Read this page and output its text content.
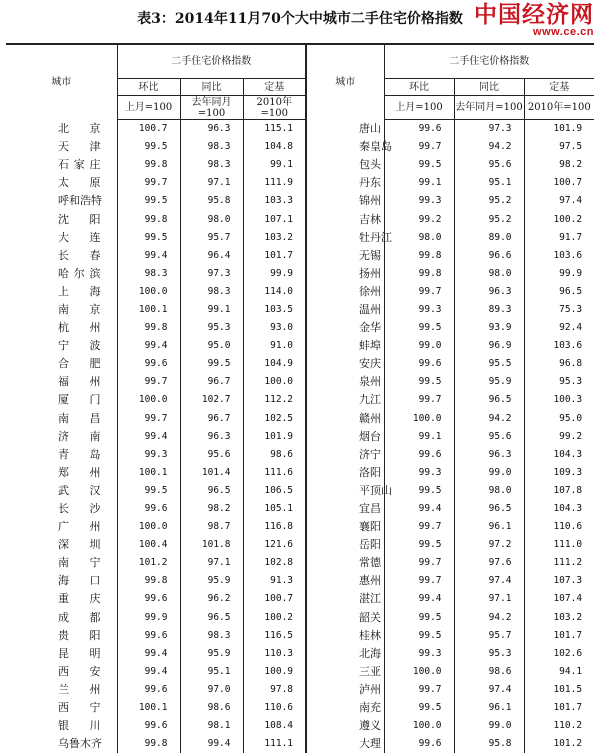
表3：2014年11月70个大中城市二手住宅价格指数 中国经济网
www.ce.cn
城市	二手住宅价格指数			城市	二手住宅价格指数		
	环比	同比	定基		环比	同比	定基
	上月=100	去年同月=100	2010年=100		上月=100	去年同月=100	2010年=100
北京	100.7	96.3	115.1	唐山	99.6	97.3	101.9
天津	99.5	98.3	104.8	秦皇岛	99.7	94.2	97.5
石家庄	99.8	98.3	99.1	包头	99.5	95.6	98.2
太原	99.7	97.1	111.9	丹东	99.1	95.1	100.7
呼和浩特	99.5	95.8	103.3	锦州	99.3	95.2	97.4
沈阳	99.8	98.0	107.1	吉林	99.2	95.2	100.2
大连	99.5	95.7	103.2	牡丹江	98.0	89.0	91.7
长春	99.4	96.4	101.7	无锡	99.8	96.6	103.6
哈尔滨	98.3	97.3	99.9	扬州	99.8	98.0	99.9
上海	100.0	98.3	114.0	徐州	99.7	96.3	96.5
南京	100.1	99.1	103.5	温州	99.3	89.3	75.3
杭州	99.8	95.3	93.0	金华	99.5	93.9	92.4
宁波	99.4	95.0	91.0	蚌埠	99.0	96.9	103.6
合肥	99.6	99.5	104.9	安庆	99.6	95.5	96.8
福州	99.7	96.7	100.0	泉州	99.5	95.9	95.3
厦门	100.0	102.7	112.2	九江	99.7	96.5	100.3
南昌	99.7	96.7	102.5	赣州	100.0	94.2	95.0
济南	99.4	96.3	101.9	烟台	99.1	95.6	99.2
青岛	99.3	95.6	98.6	济宁	99.6	96.3	104.3
郑州	100.1	101.4	111.6	洛阳	99.3	99.0	109.3
武汉	99.5	96.5	106.5	平顶山	99.5	98.0	107.8
长沙	99.6	98.2	105.1	宜昌	99.4	96.5	104.3
广州	100.0	98.7	116.8	襄阳	99.7	96.1	110.6
深圳	100.4	101.8	121.6	岳阳	99.5	97.2	111.0
南宁	101.2	97.1	102.8	常德	99.7	97.6	111.2
海口	99.8	95.9	91.3	惠州	99.7	97.4	107.3
重庆	99.6	96.2	100.7	湛江	99.4	97.1	107.4
成都	99.9	96.5	100.2	韶关	99.5	94.2	103.2
贵阳	99.6	98.3	116.5	桂林	99.5	95.7	101.7
昆明	99.4	95.9	110.3	北海	99.3	95.3	102.6
西安	99.4	95.1	100.9	三亚	100.0	98.6	94.1
兰州	99.6	97.0	97.8	泸州	99.7	97.4	101.5
西宁	100.1	98.6	110.6	南充	99.5	96.1	101.7
银川	99.6	98.1	108.4	遵义	100.0	99.0	110.2
乌鲁木齐	99.8	99.4	111.1	大理	99.6	95.8	101.2
